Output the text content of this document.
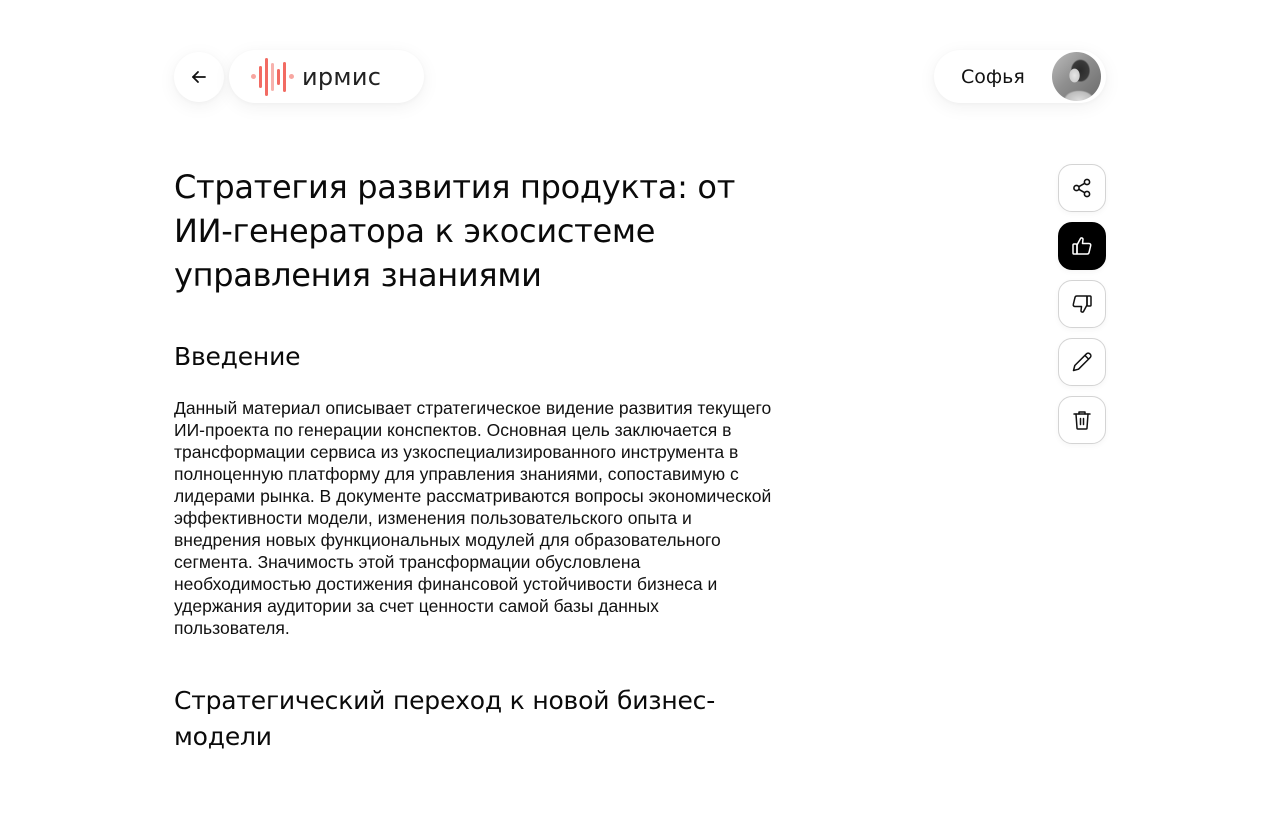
ирмис	Софья
Стратегия развития продукта: от ИИ-генератора к экосистеме управления знаниями
Введение

Данный материал описывает стратегическое видение развития текущего ИИ-проекта по генерации конспектов. Основная цель заключается в трансформации сервиса из узкоспециализированного инструмента в полноценную платформу для управления знаниями, сопоставимую с лидерами рынка. В документе рассматриваются вопросы экономической эффективности модели, изменения пользовательского опыта и внедрения новых функциональных модулей для образовательного сегмента. Значимость этой трансформации обусловлена необходимостью достижения финансовой устойчивости бизнеса и удержания аудитории за счет ценности самой базы данных пользователя.

Стратегический переход к новой бизнес-модели
